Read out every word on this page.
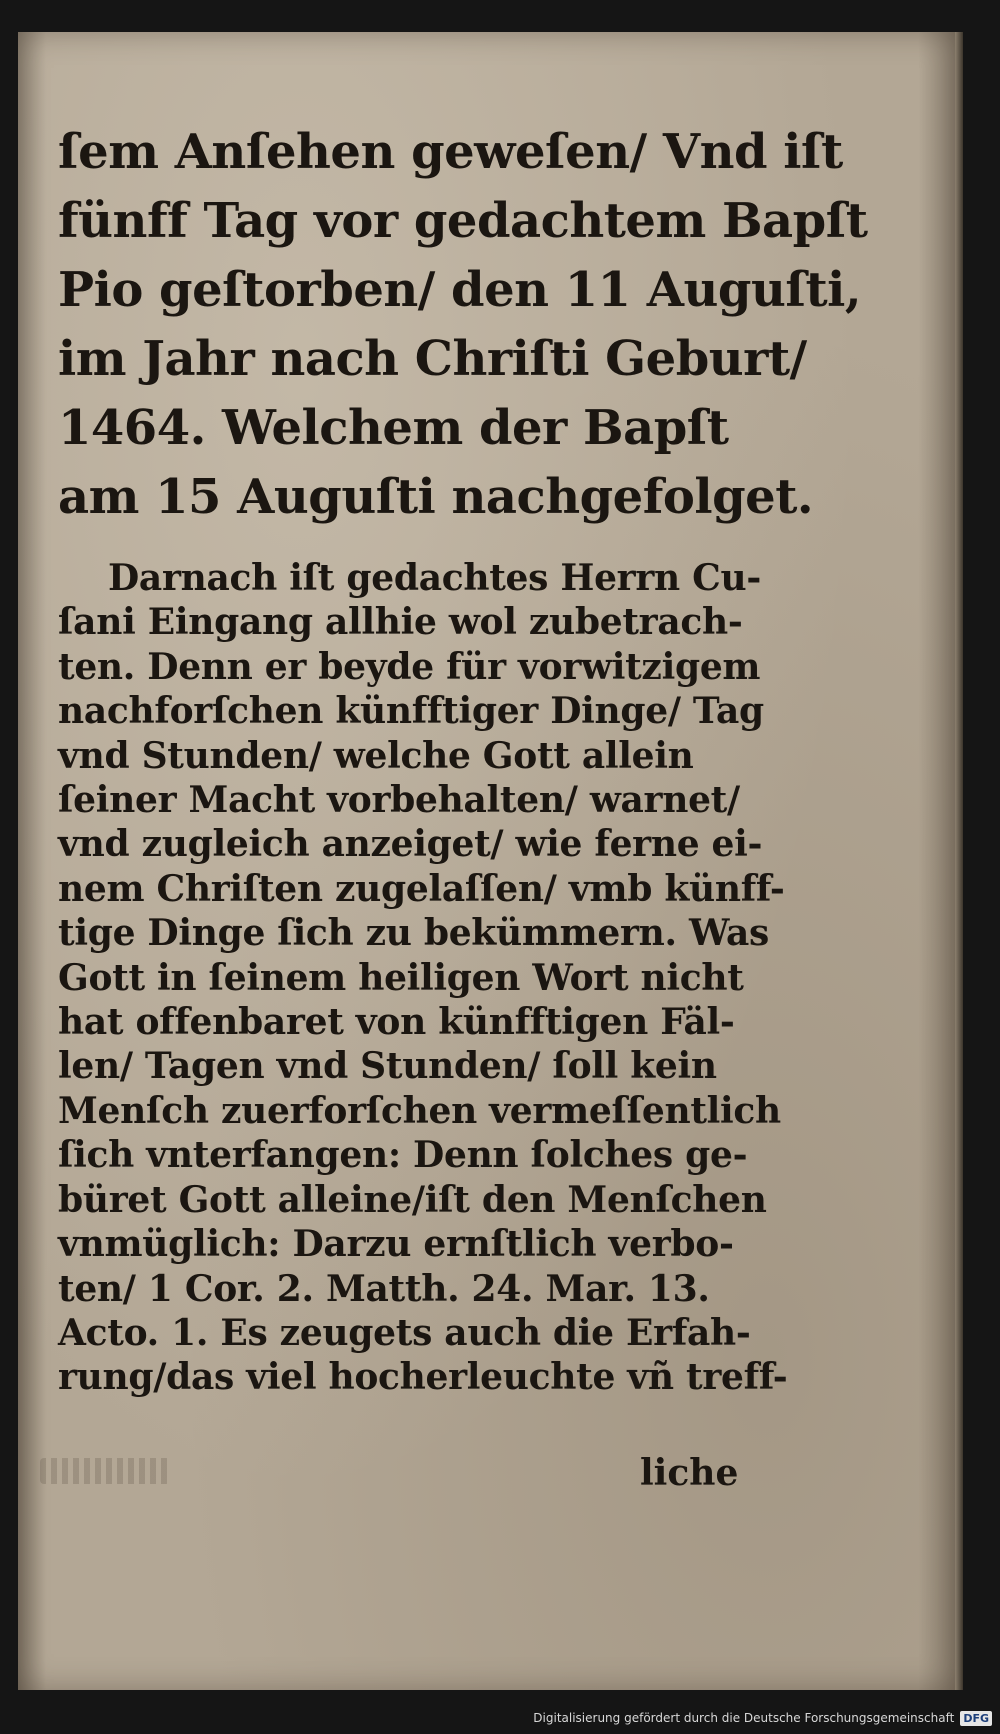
ſem Anſehen geweſen/ Vnd iſt
fünff Tag vor gedachtem Bapſt
Pio geſtorben/ den 11 Auguſti,
im Jahr nach Chriſti Geburt/
1464. Welchem der Bapſt
am 15 Auguſti nachgefolget.
Darnach iſt gedachtes Herrn Cu-
ſani Eingang allhie wol zubetrach-
ten. Denn er beyde für vorwitzigem
nachforſchen künfftiger Dinge/ Tag
vnd Stunden/ welche Gott allein
ſeiner Macht vorbehalten/ warnet/
vnd zugleich anzeiget/ wie ferne ei-
nem Chriſten zugelaſſen/ vmb künff-
tige Dinge ſich zu bekümmern. Was
Gott in ſeinem heiligen Wort nicht
hat offenbaret von künfftigen Fäl-
len/ Tagen vnd Stunden/ ſoll kein
Menſch zuerforſchen vermeſſentlich
ſich vnterfangen: Denn ſolches ge-
büret Gott alleine/iſt den Menſchen
vnmüglich: Darzu ernſtlich verbo-
ten/ 1 Cor. 2. Matth. 24. Mar. 13.
Acto. 1. Es zeugets auch die Erfah-
rung/das viel hocherleuchte vñ treff-
liche
Digitalisierung gefördert durch die Deutsche Forschungsgemeinschaft DFG
